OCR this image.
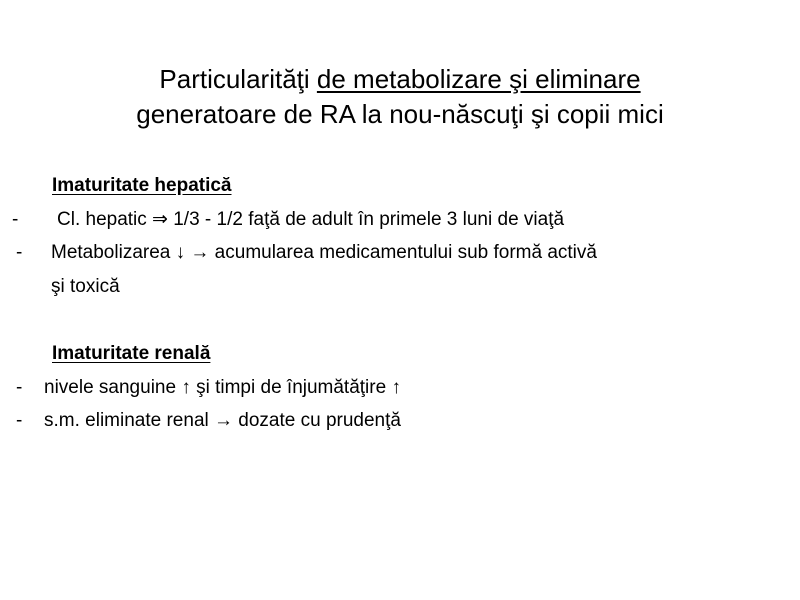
Particularităţi de metabolizare şi eliminare
generatoare de RA la nou-născuţi şi copii mici
Imaturitate hepatică
- Cl. hepatic ⇒ 1/3 - 1/2 faţă de adult în primele 3 luni de viaţă
- Metabolizarea ↓ → acumularea medicamentului sub formă activă
şi toxică
Imaturitate renală
- nivele sanguine ↑ şi timpi de înjumătăţire ↑
- s.m. eliminate renal → dozate cu prudenţă
